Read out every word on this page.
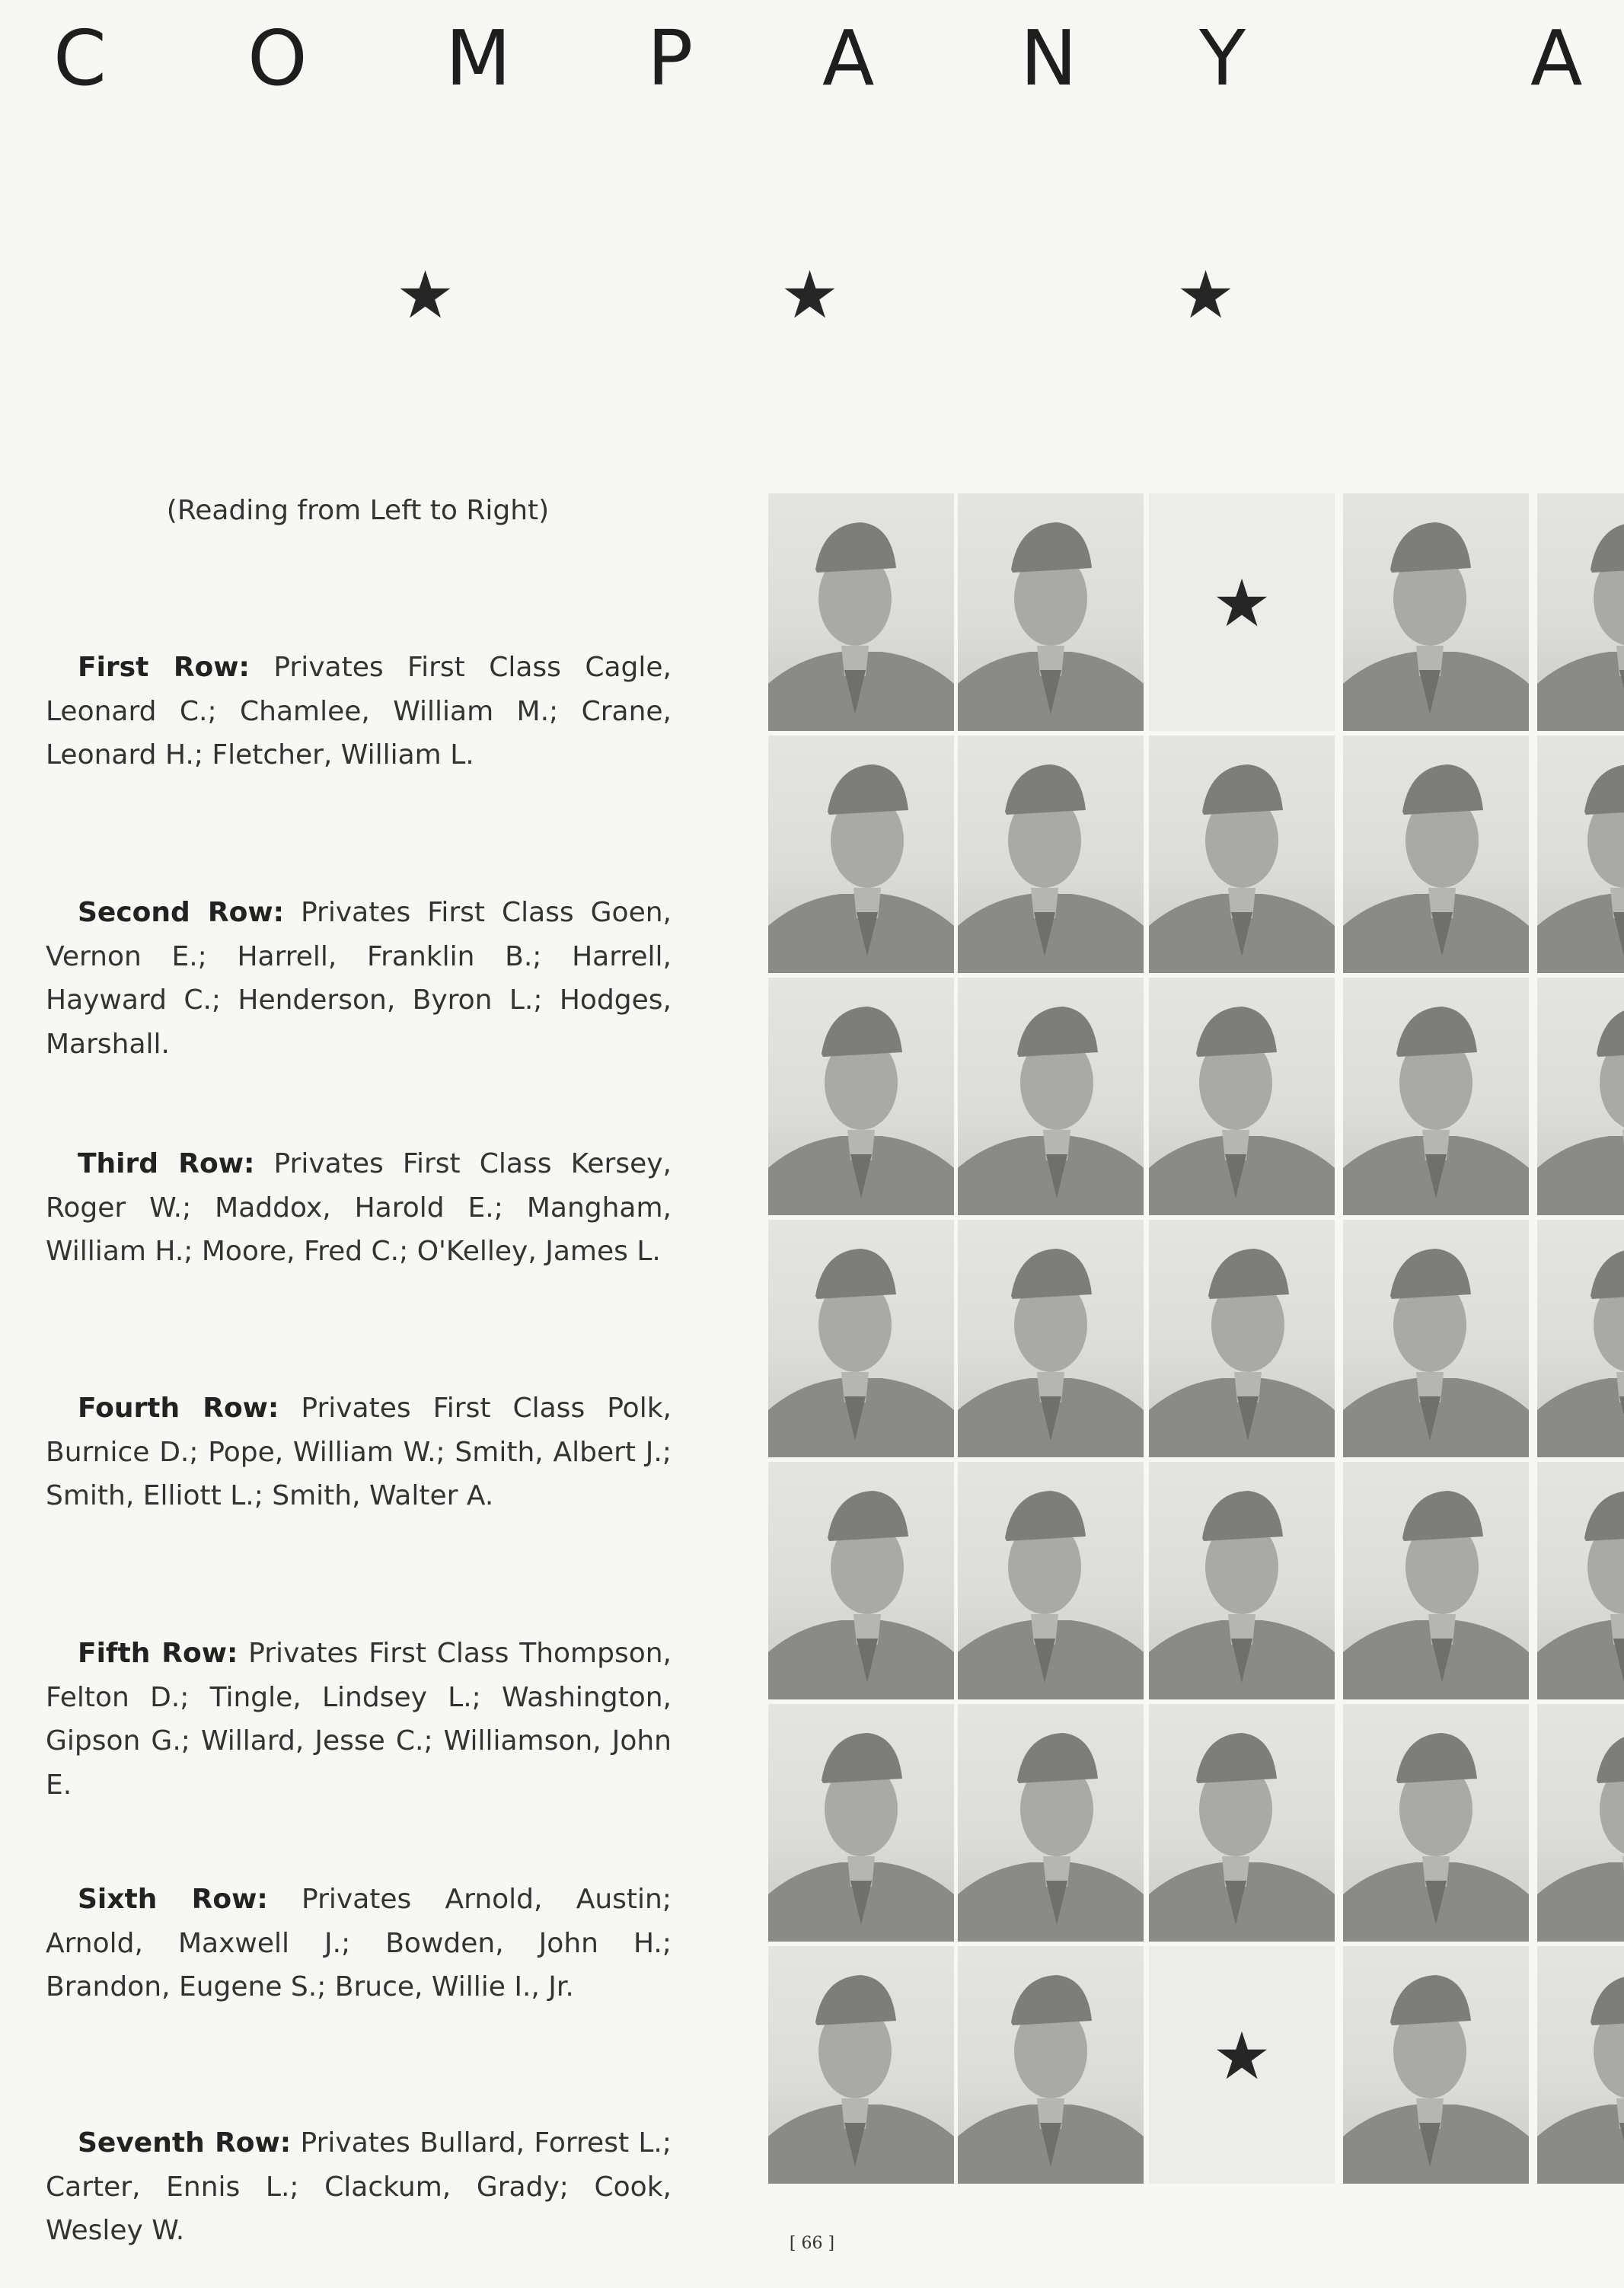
C O M P A N Y	A
★	★	★
(Reading from Left to Right)
First Row: Privates First Class Cagle, Leonard C.; Chamlee, William M.; Crane, Leonard H.; Fletcher, William L.
Second Row: Privates First Class Goen, Vernon E.; Harrell, Franklin B.; Harrell, Hayward C.; Henderson, Byron L.; Hodges, Marshall.
Third Row: Privates First Class Kersey, Roger W.; Maddox, Harold E.; Mangham, William H.; Moore, Fred C.; O'Kelley, James L.
Fourth Row: Privates First Class Polk, Burnice D.; Pope, William W.; Smith, Albert J.; Smith, Elliott L.; Smith, Walter A.
Fifth Row: Privates First Class Thompson, Felton D.; Tingle, Lindsey L.; Washington, Gipson G.; Willard, Jesse C.; Williamson, John E.
Sixth Row: Privates Arnold, Austin; Arnold, Maxwell J.; Bowden, John H.; Brandon, Eugene S.; Bruce, Willie I., Jr.
Seventh Row: Privates Bullard, Forrest L.; Carter, Ennis L.; Clackum, Grady; Cook, Wesley W.
★
★
[ 66 ]
